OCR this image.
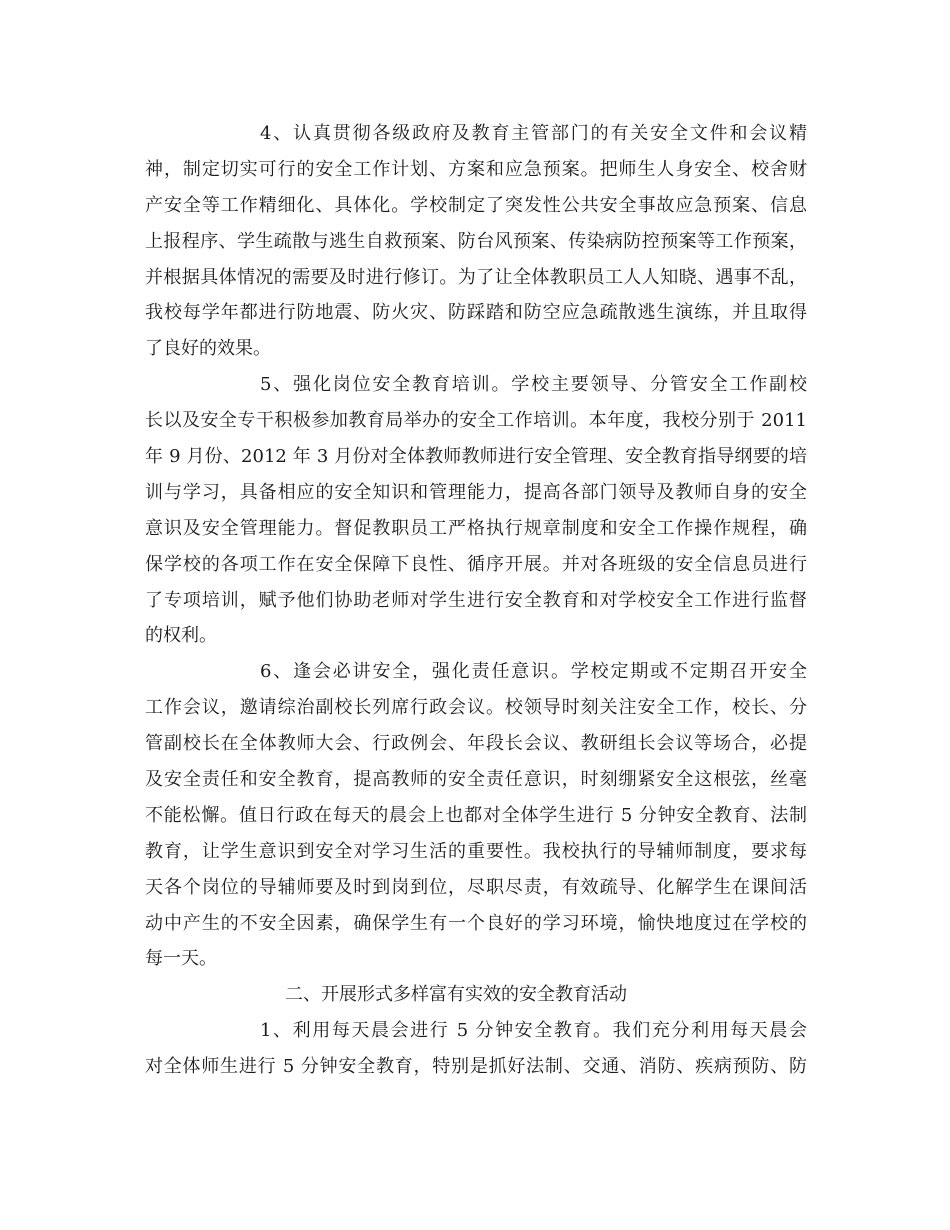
4、认真贯彻各级政府及教育主管部门的有关安全文件和会议精
神，制定切实可行的安全工作计划、方案和应急预案。把师生人身安全、校舍财
产安全等工作精细化、具体化。学校制定了突发性公共安全事故应急预案、信息
上报程序、学生疏散与逃生自救预案、防台风预案、传染病防控预案等工作预案，
并根据具体情况的需要及时进行修订。为了让全体教职员工人人知晓、遇事不乱，
我校每学年都进行防地震、防火灾、防踩踏和防空应急疏散逃生演练，并且取得
了良好的效果。
5、强化岗位安全教育培训。学校主要领导、分管安全工作副校
长以及安全专干积极参加教育局举办的安全工作培训。本年度，我校分别于 2011
年 9 月份、2012 年 3 月份对全体教师教师进行安全管理、安全教育指导纲要的培
训与学习，具备相应的安全知识和管理能力，提高各部门领导及教师自身的安全
意识及安全管理能力。督促教职员工严格执行规章制度和安全工作操作规程，确
保学校的各项工作在安全保障下良性、循序开展。并对各班级的安全信息员进行
了专项培训，赋予他们协助老师对学生进行安全教育和对学校安全工作进行监督
的权利。
6、逢会必讲安全，强化责任意识。学校定期或不定期召开安全
工作会议，邀请综治副校长列席行政会议。校领导时刻关注安全工作，校长、分
管副校长在全体教师大会、行政例会、年段长会议、教研组长会议等场合，必提
及安全责任和安全教育，提高教师的安全责任意识，时刻绷紧安全这根弦，丝毫
不能松懈。值日行政在每天的晨会上也都对全体学生进行 5 分钟安全教育、法制
教育，让学生意识到安全对学习生活的重要性。我校执行的导辅师制度，要求每
天各个岗位的导辅师要及时到岗到位，尽职尽责，有效疏导、化解学生在课间活
动中产生的不安全因素，确保学生有一个良好的学习环境，愉快地度过在学校的
每一天。
二、开展形式多样富有实效的安全教育活动
1、利用每天晨会进行 5 分钟安全教育。我们充分利用每天晨会
对全体师生进行 5 分钟安全教育，特别是抓好法制、交通、消防、疾病预防、防
